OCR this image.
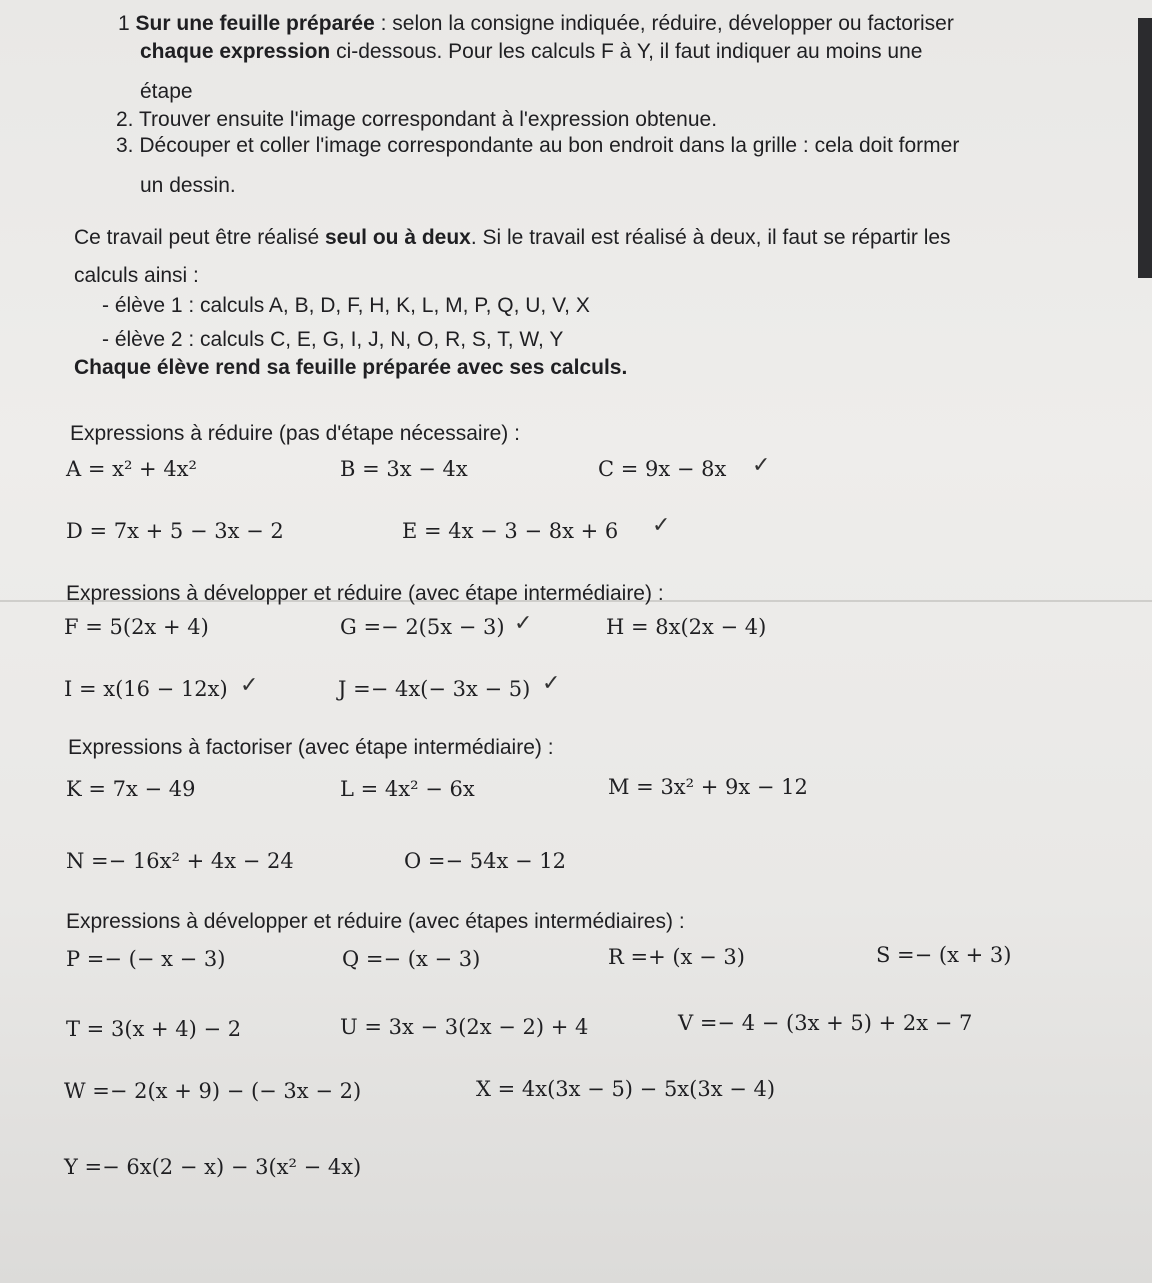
1 Sur une feuille préparée : selon la consigne indiquée, réduire, développer ou factoriser
chaque expression ci-dessous. Pour les calculs F à Y, il faut indiquer au moins une
étape
2. Trouver ensuite l'image correspondant à l'expression obtenue.
3. Découper et coller l'image correspondante au bon endroit dans la grille : cela doit former
un dessin.
Ce travail peut être réalisé seul ou à deux. Si le travail est réalisé à deux, il faut se répartir les
calculs ainsi :
- élève 1 : calculs A, B, D, F, H, K, L, M, P, Q, U, V, X
- élève 2 : calculs C, E, G, I, J, N, O, R, S, T, W, Y
Chaque élève rend sa feuille préparée avec ses calculs.
Expressions à réduire (pas d'étape nécessaire) :
A = x² + 4x²	B = 3x − 4x	C = 9x − 8x ✓
D = 7x + 5 − 3x − 2	E = 4x − 3 − 8x + 6 ✓
Expressions à développer et réduire (avec étape intermédiaire) :
F = 5(2x + 4)	G =− 2(5x − 3) ✓	H = 8x(2x − 4)
I = x(16 − 12x) ✓	J =− 4x(− 3x − 5) ✓
Expressions à factoriser (avec étape intermédiaire) :
K = 7x − 49	L = 4x² − 6x	M = 3x² + 9x − 12
N =− 16x² + 4x − 24	O =− 54x − 12
Expressions à développer et réduire (avec étapes intermédiaires) :
P =− (− x − 3)	Q =− (x − 3)	R =+ (x − 3)	S =− (x + 3)
T = 3(x + 4) − 2	U = 3x − 3(2x − 2) + 4	V =− 4 − (3x + 5) + 2x − 7
W =− 2(x + 9) − (− 3x − 2)	X = 4x(3x − 5) − 5x(3x − 4)
Y =− 6x(2 − x) − 3(x² − 4x)
